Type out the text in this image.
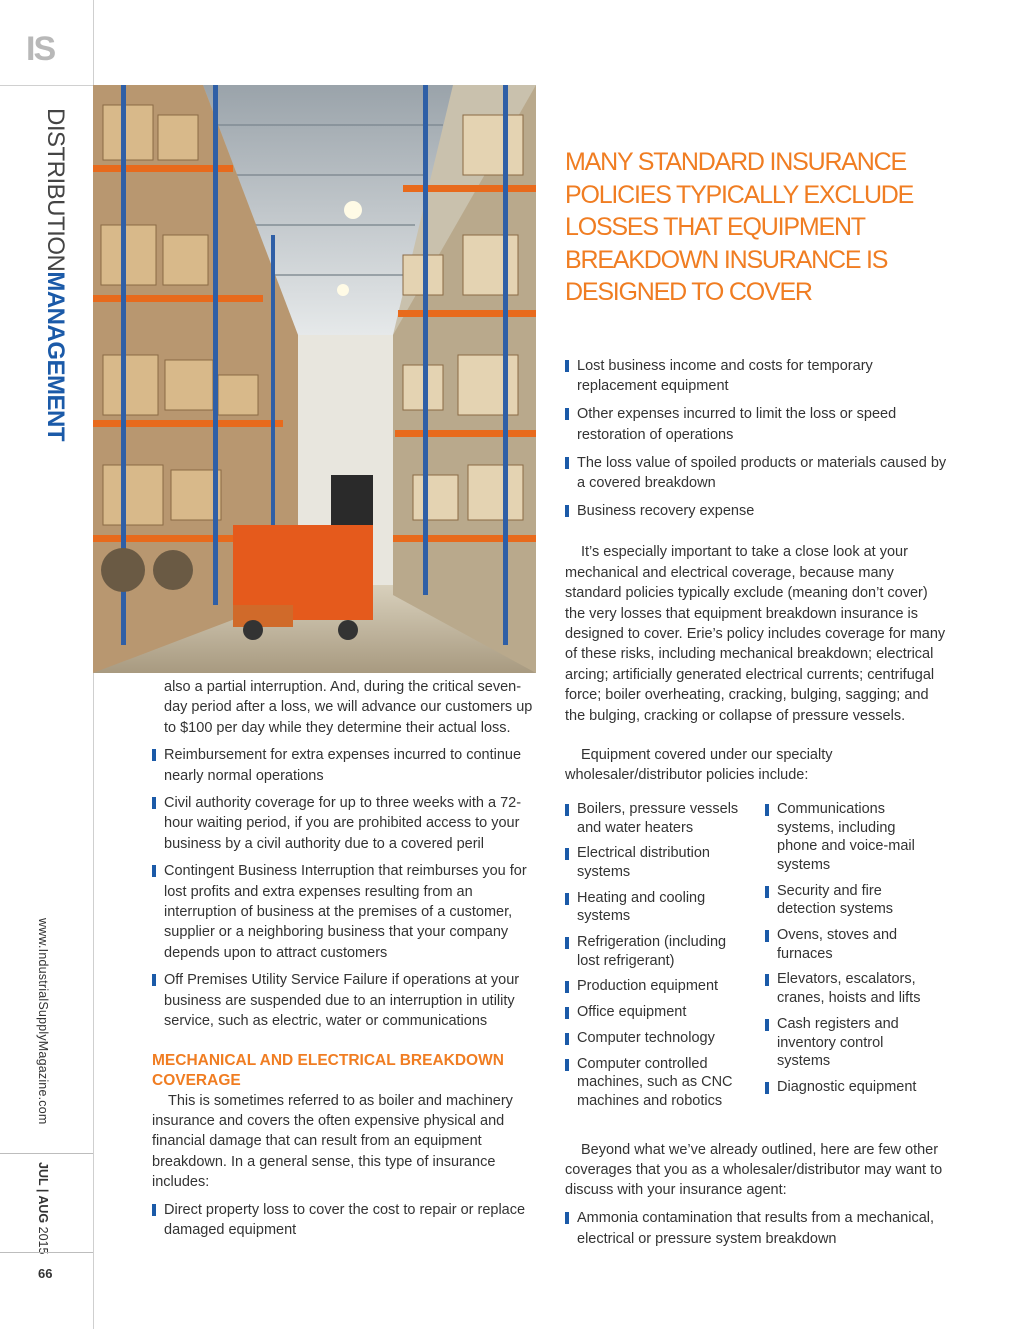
IS
DISTRIBUTIONMANAGEMENT
www.IndustrialSupplyMagazine.com
JUL | AUG 2015
66
MANY STANDARD INSURANCE POLICIES TYPICALLY EXCLUDE LOSSES THAT EQUIPMENT BREAKDOWN INSURANCE IS DESIGNED TO COVER
also a partial interruption. And, during the critical seven-day period after a loss, we will advance our customers up to $100 per day while they determine their actual loss.
Reimbursement for extra expenses incurred to continue nearly normal operations
Civil authority coverage for up to three weeks with a 72-hour waiting period, if you are prohibited access to your business by a civil authority due to a covered peril
Contingent Business Interruption that reimburses you for lost profits and extra expenses resulting from an interruption of business at the premises of a customer, supplier or a neighboring business that your company depends upon to attract customers
Off Premises Utility Service Failure if operations at your business are suspended due to an interruption in utility service, such as electric, water or communications
MECHANICAL AND ELECTRICAL BREAKDOWN COVERAGE
This is sometimes referred to as boiler and machinery insurance and covers the often expensive physical and financial damage that can result from an equipment breakdown. In a general sense, this type of insurance includes:
Direct property loss to cover the cost to repair or replace damaged equipment
Lost business income and costs for temporary replacement equipment
Other expenses incurred to limit the loss or speed restoration of operations
The loss value of spoiled products or materials caused by a covered breakdown
Business recovery expense
It’s especially important to take a close look at your mechanical and electrical coverage, because many standard policies typically exclude (meaning don’t cover) the very losses that equipment breakdown insurance is designed to cover. Erie’s policy includes coverage for many of these risks, including mechanical breakdown; electrical arcing; artificially generated electrical currents; centrifugal force; boiler overheating, cracking, bulging, sagging; and the bulging, cracking or collapse of pressure vessels.
Equipment covered under our specialty wholesaler/distributor policies include:
Boilers, pressure vessels and water heaters
Electrical distribution systems
Heating and cooling systems
Refrigeration (including lost refrigerant)
Production equipment
Office equipment
Computer technology
Computer controlled machines, such as CNC machines and robotics
Communications systems, including phone and voice-mail systems
Security and fire detection systems
Ovens, stoves and furnaces
Elevators, escalators, cranes, hoists and lifts
Cash registers and inventory control systems
Diagnostic equipment
Beyond what we’ve already outlined, here are few other coverages that you as a wholesaler/distributor may want to discuss with your insurance agent:
Ammonia contamination that results from a mechanical, electrical or pressure system breakdown
